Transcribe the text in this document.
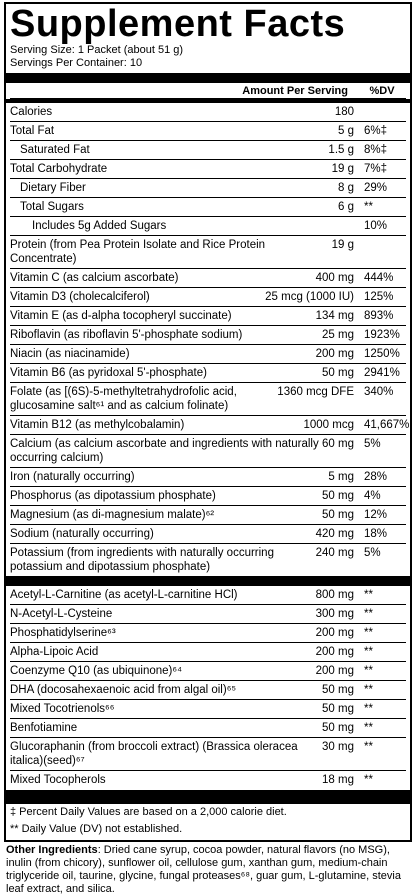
Supplement Facts
Serving Size: 1 Packet (about 51 g)
Servings Per Container: 10
Amount Per Serving	%DV
Calories	180
Total Fat	5 g 6%‡
Saturated Fat	1.5 g 8%‡
Total Carbohydrate	19 g 7%‡
Dietary Fiber	8 g 29%
Total Sugars	6 g **
Includes 5g Added Sugars	10%
Protein (from Pea Protein Isolate and Rice Protein Concentrate)
19 g
Vitamin C (as calcium ascorbate)	400 mg 444%
Vitamin D3 (cholecalciferol)	25 mcg (1000 IU) 125%
Vitamin E (as d-alpha tocopheryl succinate)	134 mg 893%
Riboflavin (as riboflavin 5'-phosphate sodium)	25 mg 1923%
Niacin (as niacinamide)	200 mg 1250%
Vitamin B6 (as pyridoxal 5'-phosphate)	50 mg 2941%
Folate (as [(6S)-5-methyltetrahydrofolic acid, glucosamine salt⁶¹ and as calcium folinate)
1360 mcg DFE 340%
Vitamin B12 (as methylcobalamin)	1000 mcg 41,667%
Calcium (as calcium ascorbate and ingredients with naturally occurring calcium)
60 mg 5%
Iron (naturally occurring)	5 mg 28%
Phosphorus (as dipotassium phosphate)	50 mg 4%
Magnesium (as di-magnesium malate)⁶²	50 mg 12%
Sodium (naturally occurring)	420 mg 18%
Potassium (from ingredients with naturally occurring potassium and dipotassium phosphate)
240 mg 5%
Acetyl-L-Carnitine (as acetyl-L-carnitine HCl)	800 mg **
N-Acetyl-L-Cysteine	300 mg **
Phosphatidylserine⁶³	200 mg **
Alpha-Lipoic Acid	200 mg **
Coenzyme Q10 (as ubiquinone)⁶⁴	200 mg **
DHA (docosahexaenoic acid from algal oil)⁶⁵	50 mg **
Mixed Tocotrienols⁶⁶	50 mg **
Benfotiamine	50 mg **
Glucoraphanin (from broccoli extract) (Brassica oleracea italica)(seed)⁶⁷
30 mg **
Mixed Tocopherols	18 mg **
‡ Percent Daily Values are based on a 2,000 calorie diet.
** Daily Value (DV) not established.
Other Ingredients: Dried cane syrup, cocoa powder, natural flavors (no MSG), inulin (from chicory), sunflower oil, cellulose gum, xanthan gum, medium-chain triglyceride oil, taurine, glycine, fungal proteases⁶⁸, guar gum, L-glutamine, stevia leaf extract, and silica.
